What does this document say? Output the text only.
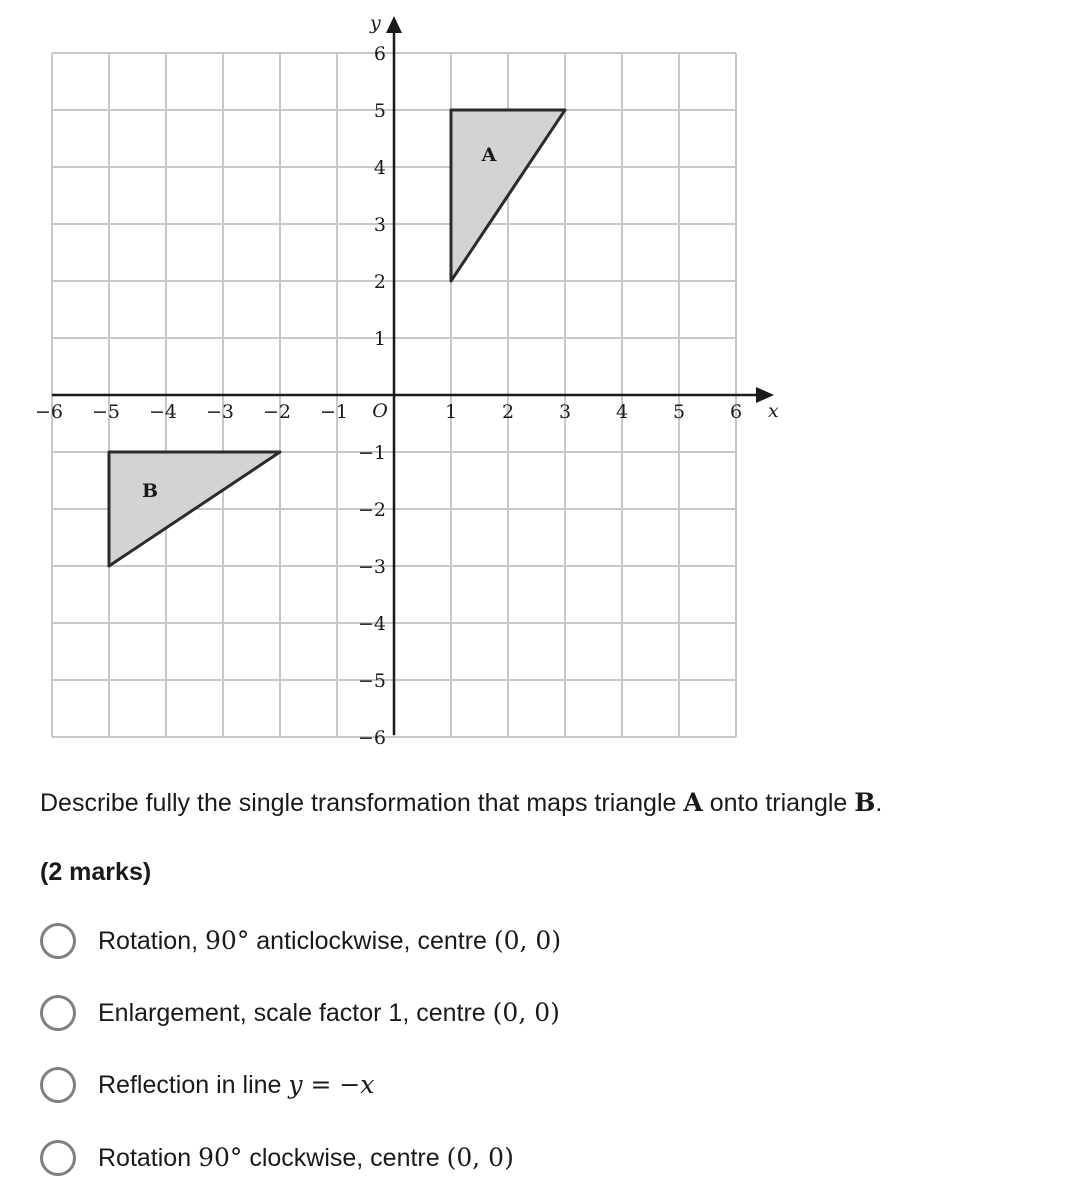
A
B
x
y
O
−6 −5 −4 −3 −2 −1	1 2 3 4 5 6
6
5
4
3
2
1
−1
−2
−3
−4
−5
−6

Describe fully the single transformation that maps triangle A onto triangle B.

(2 marks)

Rotation, 90° anticlockwise, centre (0, 0)
Enlargement, scale factor 1, centre (0, 0)
Reflection in line y = −x
Rotation 90° clockwise, centre (0, 0)
